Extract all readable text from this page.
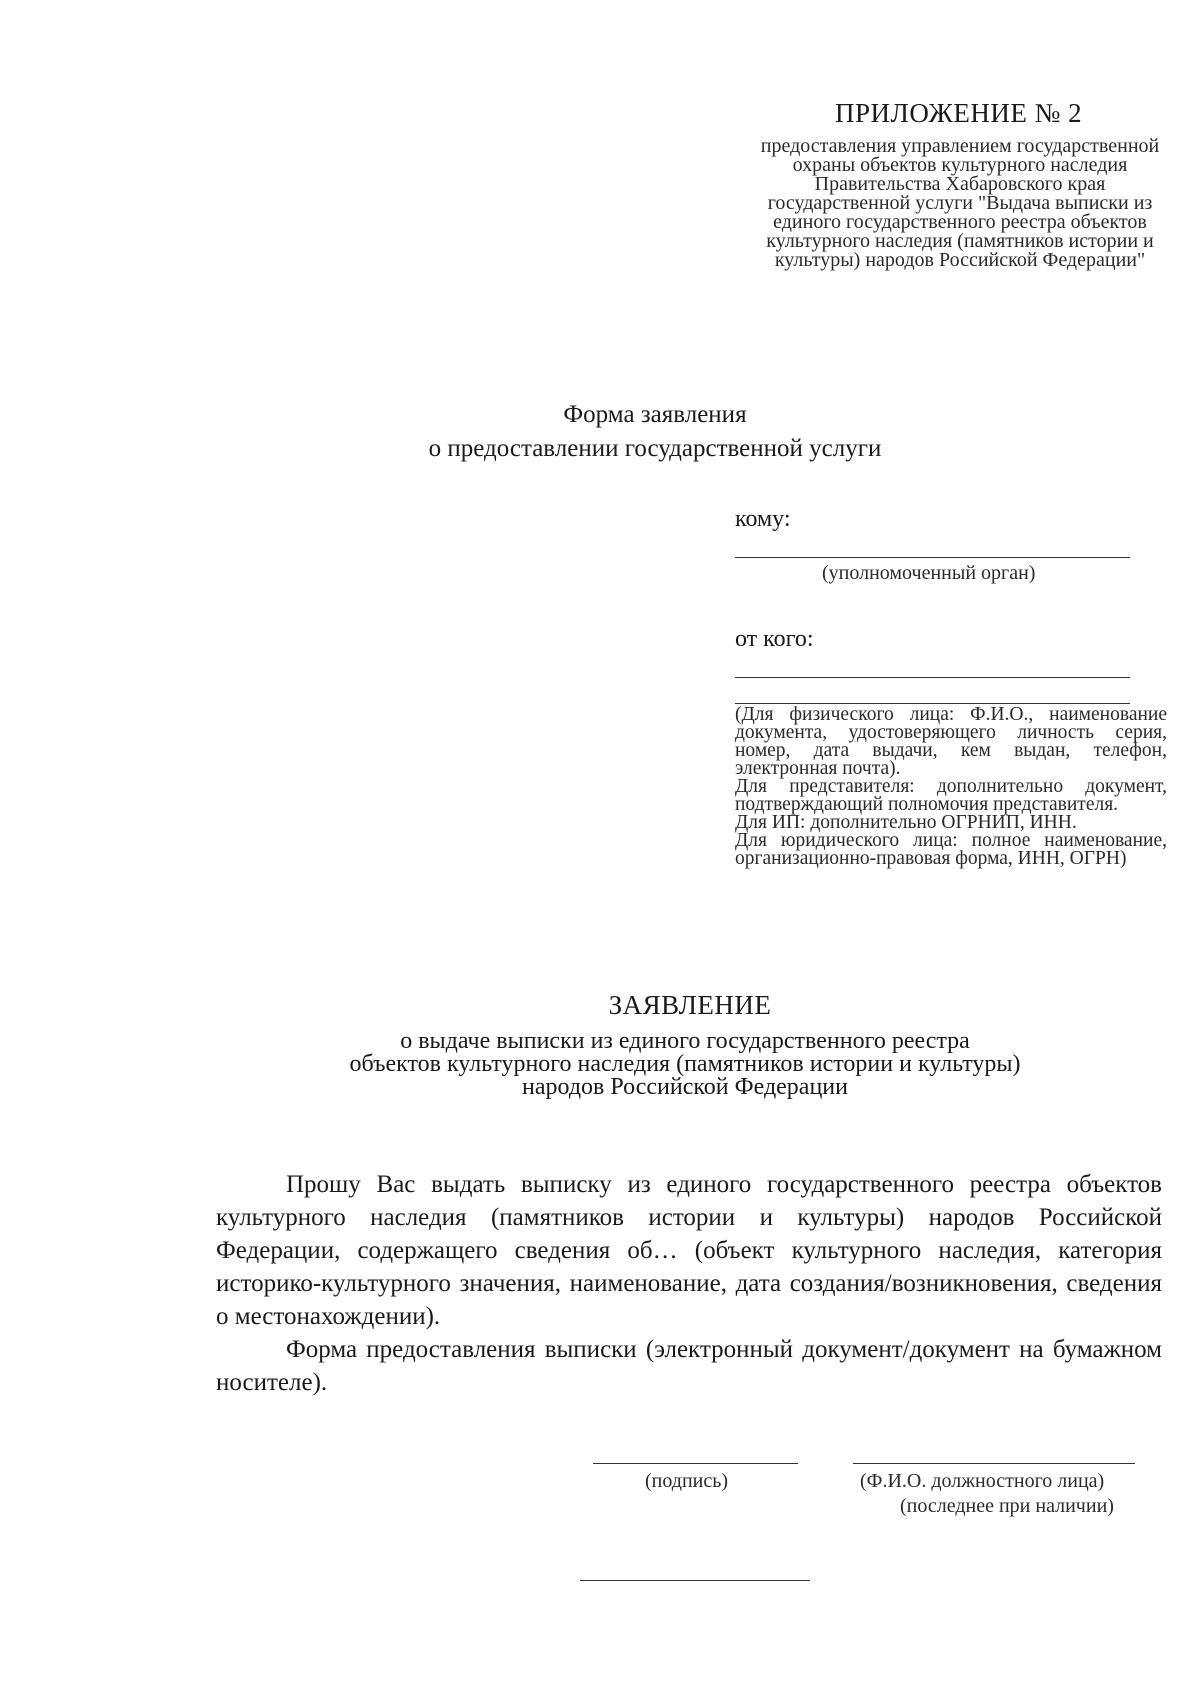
ПРИЛОЖЕНИЕ № 2
предоставления управлением государственной охраны объектов культурного наследия Правительства Хабаровского края государственной услуги "Выдача выписки из единого государственного реестра объектов культурного наследия (памятников истории и культуры) народов Российской Федерации"
Форма заявления
о предоставлении государственной услуги
кому:
(уполномоченный орган)
от кого:
(Для физического лица: Ф.И.О., наименование документа, удостоверяющего личность серия, номер, дата выдачи, кем выдан, телефон, электронная почта).
Для представителя: дополнительно документ, подтверждающий полномочия представителя.
Для ИП: дополнительно ОГРНИП, ИНН.
Для юридического лица: полное наименование, организационно-правовая форма, ИНН, ОГРН)
ЗАЯВЛЕНИЕ
о выдаче выписки из единого государственного реестра
объектов культурного наследия (памятников истории и культуры)
народов Российской Федерации

Прошу Вас выдать выписку из единого государственного реестра объектов культурного наследия (памятников истории и культуры) народов Российской Федерации, содержащего сведения об… (объект культурного наследия, категория историко-культурного значения, наименование, дата создания/возникновения, сведения о местонахождении).

Форма предоставления выписки (электронный документ/документ на бумажном носителе).

(подпись)	(Ф.И.О. должностного лица)
(последнее при наличии)
